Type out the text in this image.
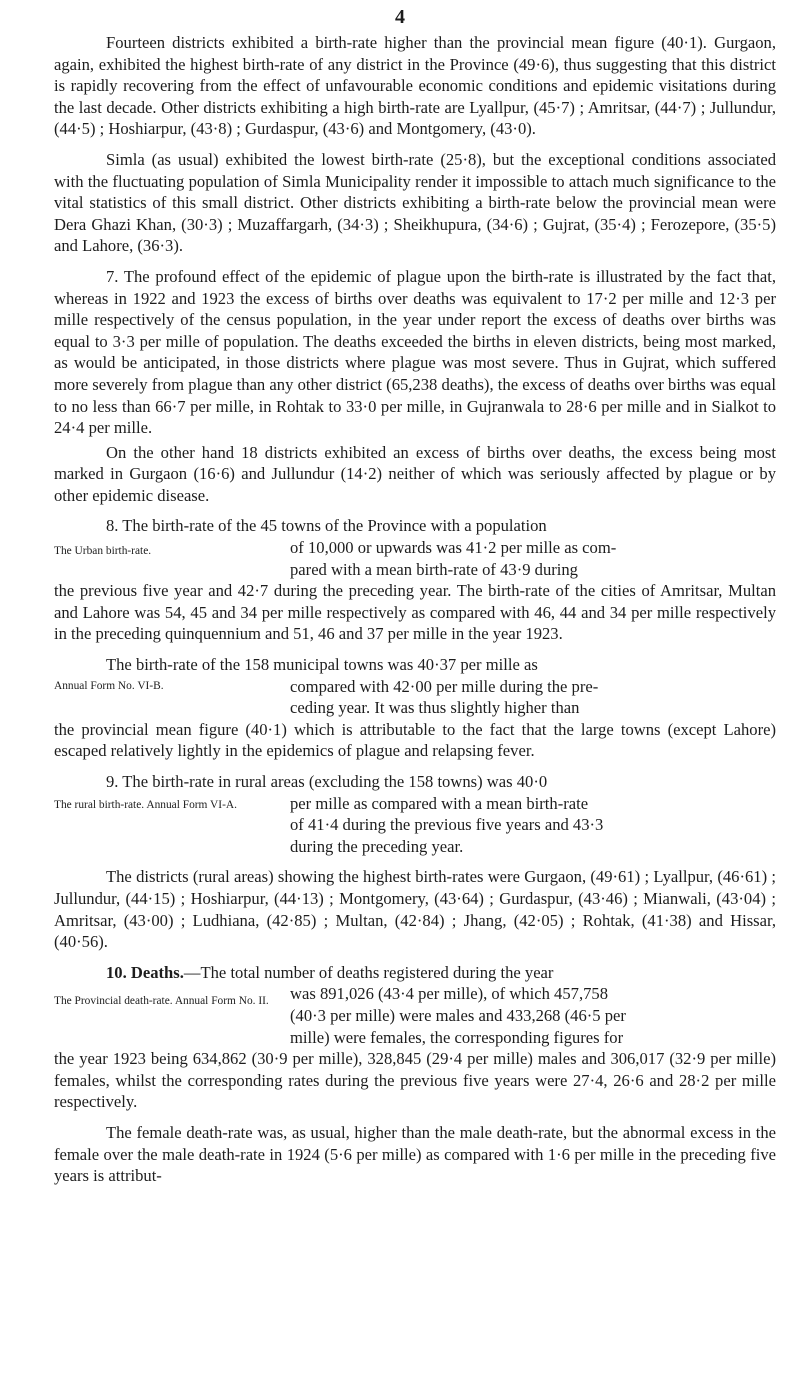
4

Fourteen districts exhibited a birth-rate higher than the provincial mean figure (40·1). Gurgaon, again, exhibited the highest birth-rate of any district in the Province (49·6), thus suggesting that this district is rapidly recovering from the effect of unfavourable economic conditions and epidemic visitations during the last decade. Other districts exhibiting a high birth-rate are Lyallpur, (45·7) ; Amritsar, (44·7) ; Jullundur, (44·5) ; Hoshiarpur, (43·8) ; Gurdaspur, (43·6) and Montgomery, (43·0).

Simla (as usual) exhibited the lowest birth-rate (25·8), but the exceptional conditions associated with the fluctuating population of Simla Municipality render it impossible to attach much significance to the vital statistics of this small district. Other districts exhibiting a birth-rate below the provincial mean were Dera Ghazi Khan, (30·3) ; Muzaffargarh, (34·3) ; Sheikhupura, (34·6) ; Gujrat, (35·4) ; Ferozepore, (35·5) and Lahore, (36·3).

7. The profound effect of the epidemic of plague upon the birth-rate is illustrated by the fact that, whereas in 1922 and 1923 the excess of births over deaths was equivalent to 17·2 per mille and 12·3 per mille respectively of the census population, in the year under report the excess of deaths over births was equal to 3·3 per mille of population. The deaths exceeded the births in eleven districts, being most marked, as would be anticipated, in those districts where plague was most severe. Thus in Gujrat, which suffered more severely from plague than any other district (65,238 deaths), the excess of deaths over births was equal to no less than 66·7 per mille, in Rohtak to 33·0 per mille, in Gujranwala to 28·6 per mille and in Sialkot to 24·4 per mille.

On the other hand 18 districts exhibited an excess of births over deaths, the excess being most marked in Gurgaon (16·6) and Jullundur (14·2) neither of which was seriously affected by plague or by other epidemic disease.

8. The birth-rate of the 45 towns of the Province with a population
The Urban birth-rate.	of 10,000 or upwards was 41·2 per mille as com-
pared with a mean birth-rate of 43·9 during
the previous five year and 42·7 during the preceding year. The birth-rate of the cities of Amritsar, Multan and Lahore was 54, 45 and 34 per mille respectively as compared with 46, 44 and 34 per mille respectively in the preceding quinquennium and 51, 46 and 37 per mille in the year 1923.
The birth-rate of the 158 municipal towns was 40·37 per mille as
Annual Form No. VI-B.	compared with 42·00 per mille during the pre-
ceding year. It was thus slightly higher than
the provincial mean figure (40·1) which is attributable to the fact that the large towns (except Lahore) escaped relatively lightly in the epidemics of plague and relapsing fever.
9. The birth-rate in rural areas (excluding the 158 towns) was 40·0
The rural birth-rate. Annual Form VI-A.	per mille as compared with a mean birth-rate
of 41·4 during the previous five years and 43·3
during the preceding year.

The districts (rural areas) showing the highest birth-rates were Gurgaon, (49·61) ; Lyallpur, (46·61) ; Jullundur, (44·15) ; Hoshiarpur, (44·13) ; Montgomery, (43·64) ; Gurdaspur, (43·46) ; Mianwali, (43·04) ; Amritsar, (43·00) ; Ludhiana, (42·85) ; Multan, (42·84) ; Jhang, (42·05) ; Rohtak, (41·38) and Hissar, (40·56).

10. Deaths.—The total number of deaths registered during the year
The Provincial death-rate. Annual Form No. II.	was 891,026 (43·4 per mille), of which 457,758
(40·3 per mille) were males and 433,268 (46·5 per
mille) were females, the corresponding figures for
the year 1923 being 634,862 (30·9 per mille), 328,845 (29·4 per mille) males and 306,017 (32·9 per mille) females, whilst the corresponding rates during the previous five years were 27·4, 26·6 and 28·2 per mille respectively.

The female death-rate was, as usual, higher than the male death-rate, but the abnormal excess in the female over the male death-rate in 1924 (5·6 per mille) as compared with 1·6 per mille in the preceding five years is attribut-
